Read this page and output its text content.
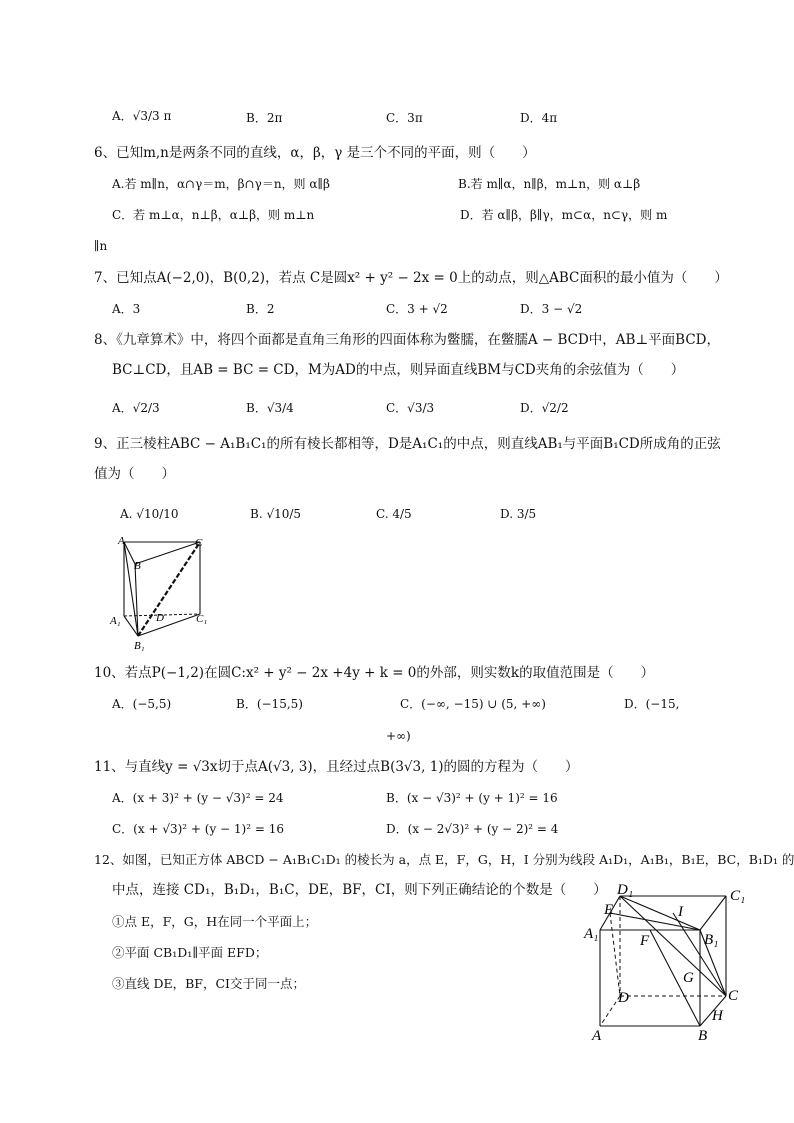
A．√3/3 π	B．2π	C．3π	D．4π
6、已知m,n是两条不同的直线，α，β，γ 是三个不同的平面，则（　　）
A.若 m∥n，α∩γ＝m，β∩γ＝n，则 α∥β	B.若 m∥α，n∥β，m⊥n，则 α⊥β
C．若 m⊥α，n⊥β，α⊥β，则 m⊥n	D．若 α∥β，β∥γ，m⊂α，n⊂γ，则 m
∥n
7、已知点A(−2,0)，B(0,2)，若点 C是圆x² + y² − 2x = 0上的动点，则△ABC面积的最小值为（　　）
A．3	B．2	C．3 + √2	D．3 − √2
8、《九章算术》中，将四个面都是直角三角形的四面体称为鳖臑，在鳖臑A − BCD中，AB⊥平面BCD，
BC⊥CD，且AB = BC = CD，M为AD的中点，则异面直线BM与CD夹角的余弦值为（　　）
A．√2/3	B．√3/4	C．√3/3	D．√2/2
9、正三棱柱ABC − A₁B₁C₁的所有棱长都相等，D是A₁C₁的中点，则直线AB₁与平面B₁CD所成角的正弦
值为（　　）
A. √10/10	B. √10/5	C. 4/5	D. 3/5
A
B
C
D
A₁
B₁
C₁
10、若点P(−1,2)在圆C:x² + y² − 2x +4y + k = 0的外部，则实数k的取值范围是（　　）
A．(−5,5)	B．(−15,5)	C．(−∞, −15) ∪ (5, +∞)	D．(−15,
+∞)
11、与直线y = √3x切于点A(√3, 3)，且经过点B(3√3, 1)的圆的方程为（　　）
A．(x + 3)² + (y − √3)² = 24	B．(x − √3)² + (y + 1)² = 16
C．(x + √3)² + (y − 1)² = 16	D．(x − 2√3)² + (y − 2)² = 4
12、如图，已知正方体 ABCD − A₁B₁C₁D₁ 的棱长为 a，点 E，F，G，H，I 分别为线段 A₁D₁，A₁B₁，B₁E，BC，B₁D₁ 的
中点，连接 CD₁，B₁D₁，B₁C，DE，BF，CI，则下列正确结论的个数是（　　）
①点 E，F，G，H在同一个平面上；
②平面 CB₁D₁∥平面 EFD；
③直线 DE，BF，CI交于同一点；
D₁	C₁
E	I
A₁	F	B₁
G
D	C
H
A	B
